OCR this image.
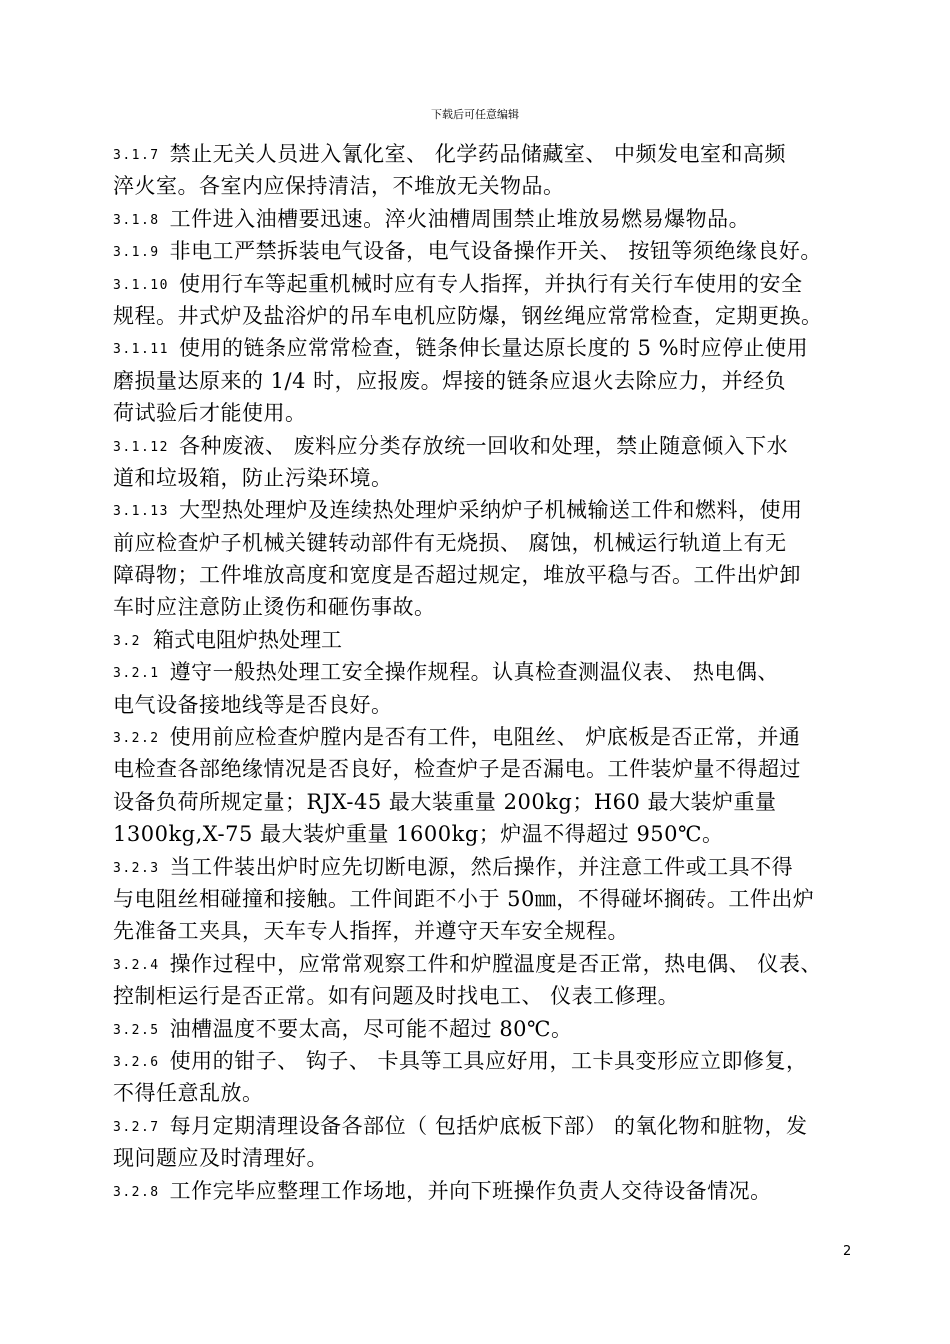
下载后可任意编辑
3.1.7 禁止无关人员进入氰化室、 化学药品储藏室、 中频发电室和高频
淬火室。各室内应保持清洁，不堆放无关物品。
3.1.8 工件进入油槽要迅速。淬火油槽周围禁止堆放易燃易爆物品。
3.1.9 非电工严禁拆装电气设备，电气设备操作开关、 按钮等须绝缘良好。
3.1.10 使用行车等起重机械时应有专人指挥，并执行有关行车使用的安全
规程。井式炉及盐浴炉的吊车电机应防爆，钢丝绳应常常检查，定期更换。
3.1.11 使用的链条应常常检查，链条伸长量达原长度的 5 %时应停止使用
磨损量达原来的 1/4 时，应报废。焊接的链条应退火去除应力，并经负
荷试验后才能使用。
3.1.12 各种废液、 废料应分类存放统一回收和处理，禁止随意倾入下水
道和垃圾箱，防止污染环境。
3.1.13 大型热处理炉及连续热处理炉采纳炉子机械输送工件和燃料，使用
前应检查炉子机械关键转动部件有无烧损、 腐蚀，机械运行轨道上有无
障碍物；工件堆放高度和宽度是否超过规定，堆放平稳与否。工件出炉卸
车时应注意防止烫伤和砸伤事故。
3.2 箱式电阻炉热处理工
3.2.1 遵守一般热处理工安全操作规程。认真检查测温仪表、 热电偶、
电气设备接地线等是否良好。
3.2.2 使用前应检查炉膛内是否有工件，电阻丝、 炉底板是否正常，并通
电检查各部绝缘情况是否良好，检查炉子是否漏电。工件装炉量不得超过
设备负荷所规定量；RJX-45 最大装重量 200kg；H60 最大装炉重量
1300kg,X-75 最大装炉重量 1600kg；炉温不得超过 950℃。
3.2.3 当工件装出炉时应先切断电源，然后操作，并注意工件或工具不得
与电阻丝相碰撞和接触。工件间距不小于 50㎜，不得碰坏搁砖。工件出炉
先准备工夹具，天车专人指挥，并遵守天车安全规程。
3.2.4 操作过程中，应常常观察工件和炉膛温度是否正常，热电偶、 仪表、
控制柜运行是否正常。如有问题及时找电工、 仪表工修理。
3.2.5 油槽温度不要太高，尽可能不超过 80℃。
3.2.6 使用的钳子、 钩子、 卡具等工具应好用，工卡具变形应立即修复，
不得任意乱放。
3.2.7 每月定期清理设备各部位（ 包括炉底板下部） 的氧化物和脏物，发
现问题应及时清理好。
3.2.8 工作完毕应整理工作场地，并向下班操作负责人交待设备情况。
2
